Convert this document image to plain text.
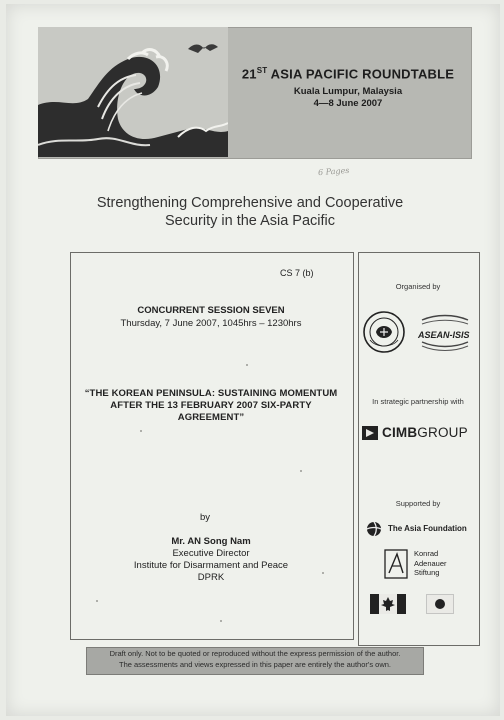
21ST ASIA PACIFIC ROUNDTABLE
Kuala Lumpur, Malaysia
4—8 June 2007
6 Pages
Strengthening Comprehensive and Cooperative
Security in the Asia Pacific
CS 7 (b)
CONCURRENT SESSION SEVEN
Thursday, 7 June 2007, 1045hrs – 1230hrs
“THE KOREAN PENINSULA: SUSTAINING MOMENTUM
AFTER THE 13 FEBRUARY 2007 SIX-PARTY
AGREEMENT”
by
Mr. AN Song Nam
Executive Director
Institute for Disarmament and Peace
DPRK
Organised by
ASEAN-ISIS
In strategic partnership with
CIMBGROUP
Supported by
The Asia Foundation
Konrad
Adenauer
Stiftung
Draft only. Not to be quoted or reproduced without the express permission of the author.
The assessments and views expressed in this paper are entirely the author's own.
